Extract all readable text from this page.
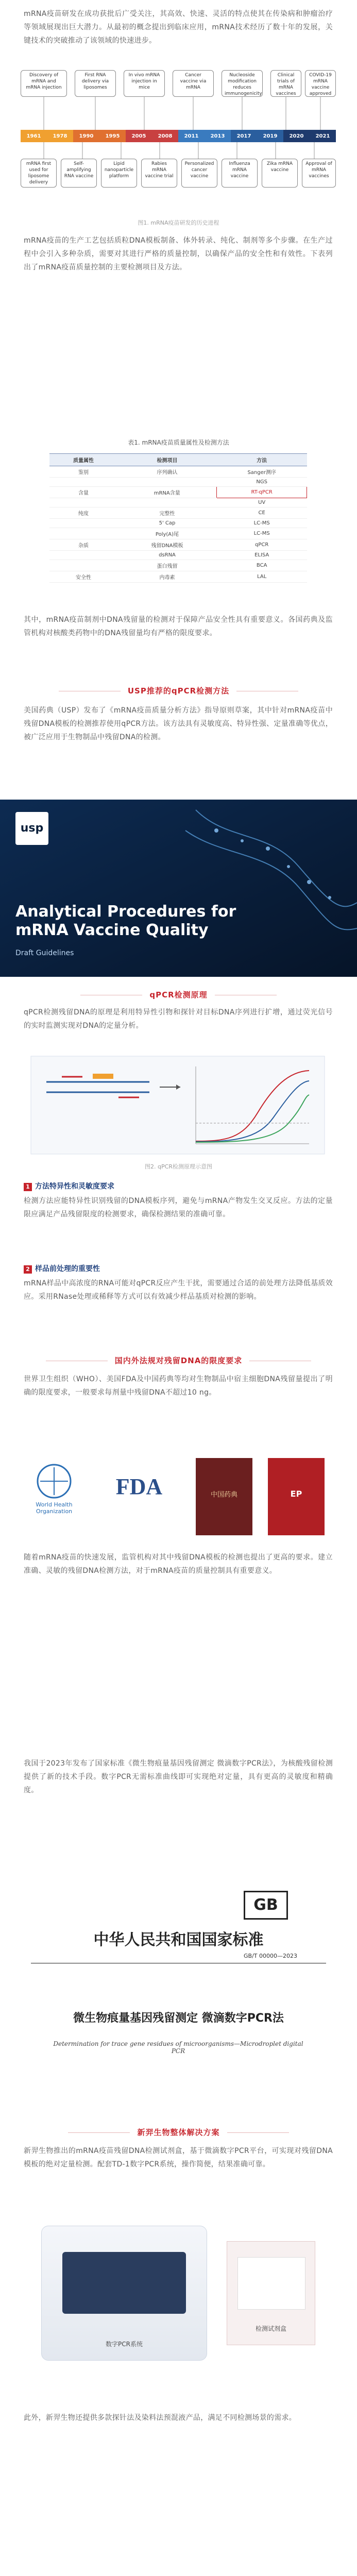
mRNA疫苗研发在成功获批后广受关注，其高效、快速、灵活的特点使其在传染病和肿瘤治疗等领域展现出巨大潜力。从最初的概念提出到临床应用，mRNA技术经历了数十年的发展，关键技术的突破推动了该领域的快速进步。
Discovery of mRNA and mRNA injection
First RNA delivery via liposomes
In vivo mRNA injection in mice
Cancer vaccine via mRNA
Nucleoside modification reduces immunogenicity
Clinical trials of mRNA vaccines
COVID-19 mRNA vaccine approved
1961 1978 1990 1995 2005 2008 2011 2013 2017 2019 2020 2021
mRNA first used for liposome delivery
Self-amplifying RNA vaccine
Lipid nanoparticle platform
Rabies mRNA vaccine trial
Personalized cancer vaccine
Influenza mRNA vaccine
Zika mRNA vaccine
Approval of mRNA vaccines
图1. mRNA疫苗研发的历史进程
mRNA疫苗的生产工艺包括质粒DNA模板制备、体外转录、纯化、制剂等多个步骤。在生产过程中会引入多种杂质，需要对其进行严格的质量控制，以确保产品的安全性和有效性。下表列出了mRNA疫苗质量控制的主要检测项目及方法。
表1. mRNA疫苗质量属性及检测方法
质量属性	检测项目	方法
鉴别	序列确认	Sanger测序
		NGS
含量	mRNA含量	RT-qPCR
		UV
纯度	完整性	CE
	5' Cap	LC-MS
	Poly(A)尾	LC-MS
杂质	残留DNA模板	qPCR
	dsRNA	ELISA
	蛋白残留	BCA
安全性	内毒素	LAL
其中，mRNA疫苗制剂中DNA残留量的检测对于保障产品安全性具有重要意义。各国药典及监管机构对核酸类药物中的DNA残留量均有严格的限度要求。
USP推荐的qPCR检测方法
美国药典（USP）发布了《mRNA疫苗质量分析方法》指导原则草案，其中针对mRNA疫苗中残留DNA模板的检测推荐使用qPCR方法。该方法具有灵敏度高、特异性强、定量准确等优点，被广泛应用于生物制品中残留DNA的检测。
usp
Analytical Procedures for mRNA Vaccine Quality
Draft Guidelines
qPCR检测原理
qPCR检测残留DNA的原理是利用特异性引物和探针对目标DNA序列进行扩增，通过荧光信号的实时监测实现对DNA的定量分析。
图2. qPCR检测原理示意图
1 方法特异性和灵敏度要求
检测方法应能特异性识别残留的DNA模板序列，避免与mRNA产物发生交叉反应。方法的定量限应满足产品残留限度的检测要求，确保检测结果的准确可靠。
2 样品前处理的重要性
mRNA样品中高浓度的RNA可能对qPCR反应产生干扰，需要通过合适的前处理方法降低基质效应。采用RNase处理或稀释等方式可以有效减少样品基质对检测的影响。
国内外法规对残留DNA的限度要求
世界卫生组织（WHO）、美国FDA及中国药典等均对生物制品中宿主细胞DNA残留量提出了明确的限度要求，一般要求每剂量中残留DNA不超过10 ng。
World Health Organization
FDA	中国药典	EP
随着mRNA疫苗的快速发展，监管机构对其中残留DNA模板的检测也提出了更高的要求。建立准确、灵敏的残留DNA检测方法，对于mRNA疫苗的质量控制具有重要意义。
我国于2023年发布了国家标准《微生物痕量基因残留测定 微滴数字PCR法》，为核酸残留检测提供了新的技术手段。数字PCR无需标准曲线即可实现绝对定量，具有更高的灵敏度和精确度。
GB
中华人民共和国国家标准
GB/T 00000—2023
微生物痕量基因残留测定 微滴数字PCR法
Determination for trace gene residues of microorganisms—Microdroplet digital PCR
新羿生物整体解决方案
新羿生物推出的mRNA疫苗残留DNA检测试剂盒，基于微滴数字PCR平台，可实现对残留DNA模板的绝对定量检测。配套TD-1数字PCR系统，操作简便，结果准确可靠。
数字PCR系统
检测试剂盒
此外，新羿生物还提供多款探针法及染料法预混液产品，满足不同检测场景的需求。
